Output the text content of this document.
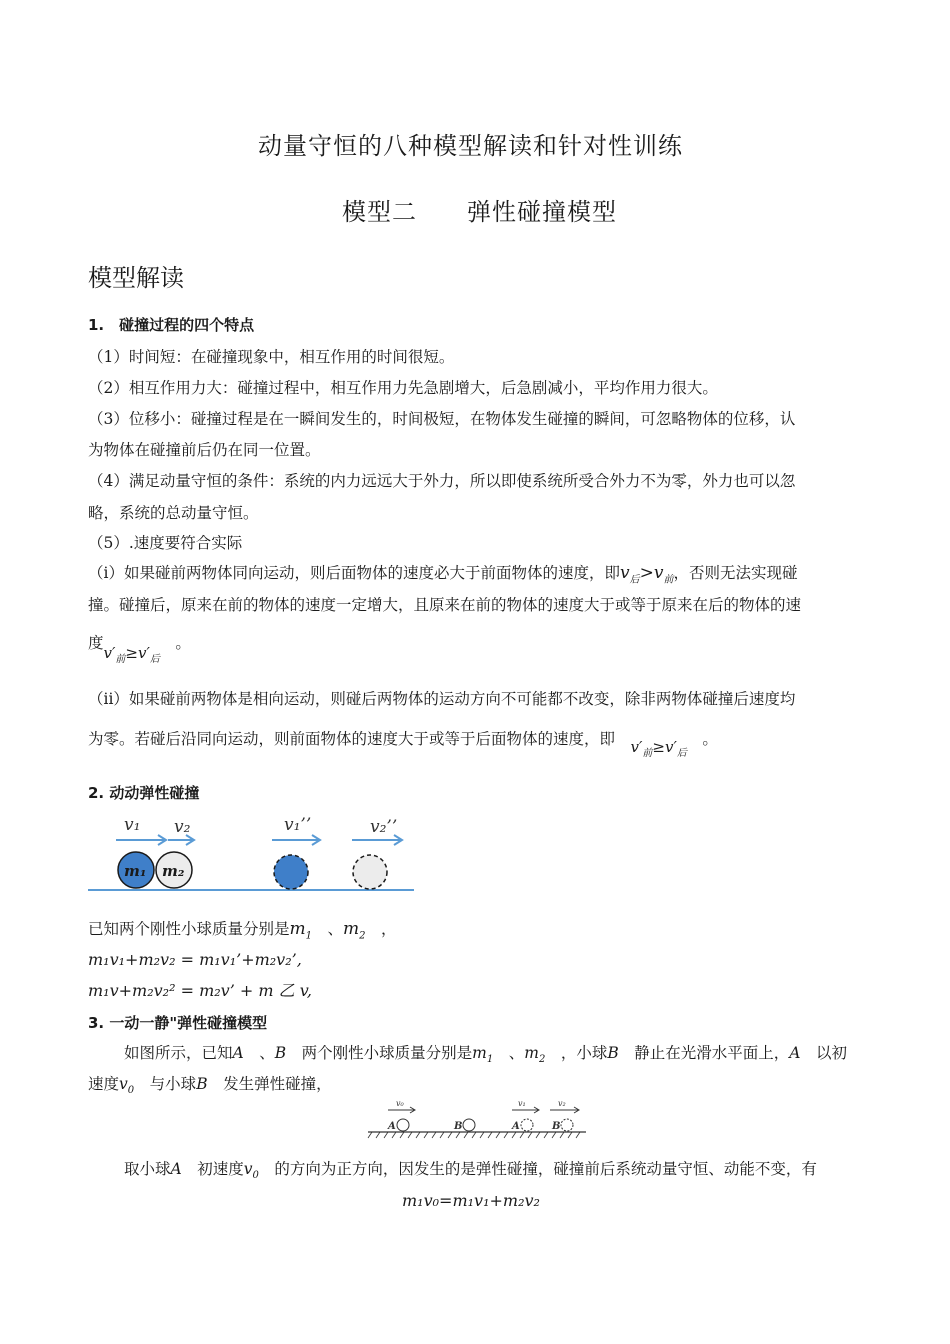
动量守恒的八种模型解读和针对性训练
模型二　　弹性碰撞模型
模型解读
1.　碰撞过程的四个特点
（1）时间短：在碰撞现象中，相互作用的时间很短。
（2）相互作用力大：碰撞过程中，相互作用力先急剧增大，后急剧减小，平均作用力很大。
（3）位移小：碰撞过程是在一瞬间发生的，时间极短，在物体发生碰撞的瞬间，可忽略物体的位移，认
为物体在碰撞前后仍在同一位置。
（4）满足动量守恒的条件：系统的内力远远大于外力，所以即使系统所受合外力不为零，外力也可以忽
略，系统的总动量守恒。
（5）.速度要符合实际
（i）如果碰前两物体同向运动，则后面物体的速度必大于前面物体的速度，即$v_后>v_前$，否则无法实现碰
撞。碰撞后，原来在前的物体的速度一定增大，且原来在前的物体的速度大于或等于原来在后的物体的速
度$v'_前\ge v'_后$　。
（ii）如果碰前两物体是相向运动，则碰后两物体的运动方向不可能都不改变，除非两物体碰撞后速度均
为零。若碰后沿同向运动，则前面物体的速度大于或等于后面物体的速度，即　 $v'_前\ge v'_后$　。
2. 动动弹性碰撞
v₁ v₂	v₁’’	v₂’’
m₁ m₂
已知两个刚性小球质量分别是$m_1$　、$m_2$　，
m₁v₁+m₂v₂ = m₁v₁’+m₂v₂’,
m₁v+m₂v₂² = m₂v’ + m 乙 v,
3. 一动一静"弹性碰撞模型
如图所示，已知A　、B　 两个刚性小球质量分别是$m_1$　、$m_2$　 ，小球B　 静止在光滑水平面上，A　 以初
速度$v_0$　 与小球B　 发生弹性碰撞，
v₀
A	B
v₁	v₂
A	B
取小球A　 初速度$v_0$　 的方向为正方向，因发生的是弹性碰撞，碰撞前后系统动量守恒、动能不变，有
m₁v₀=m₁v₁+m₂v₂
